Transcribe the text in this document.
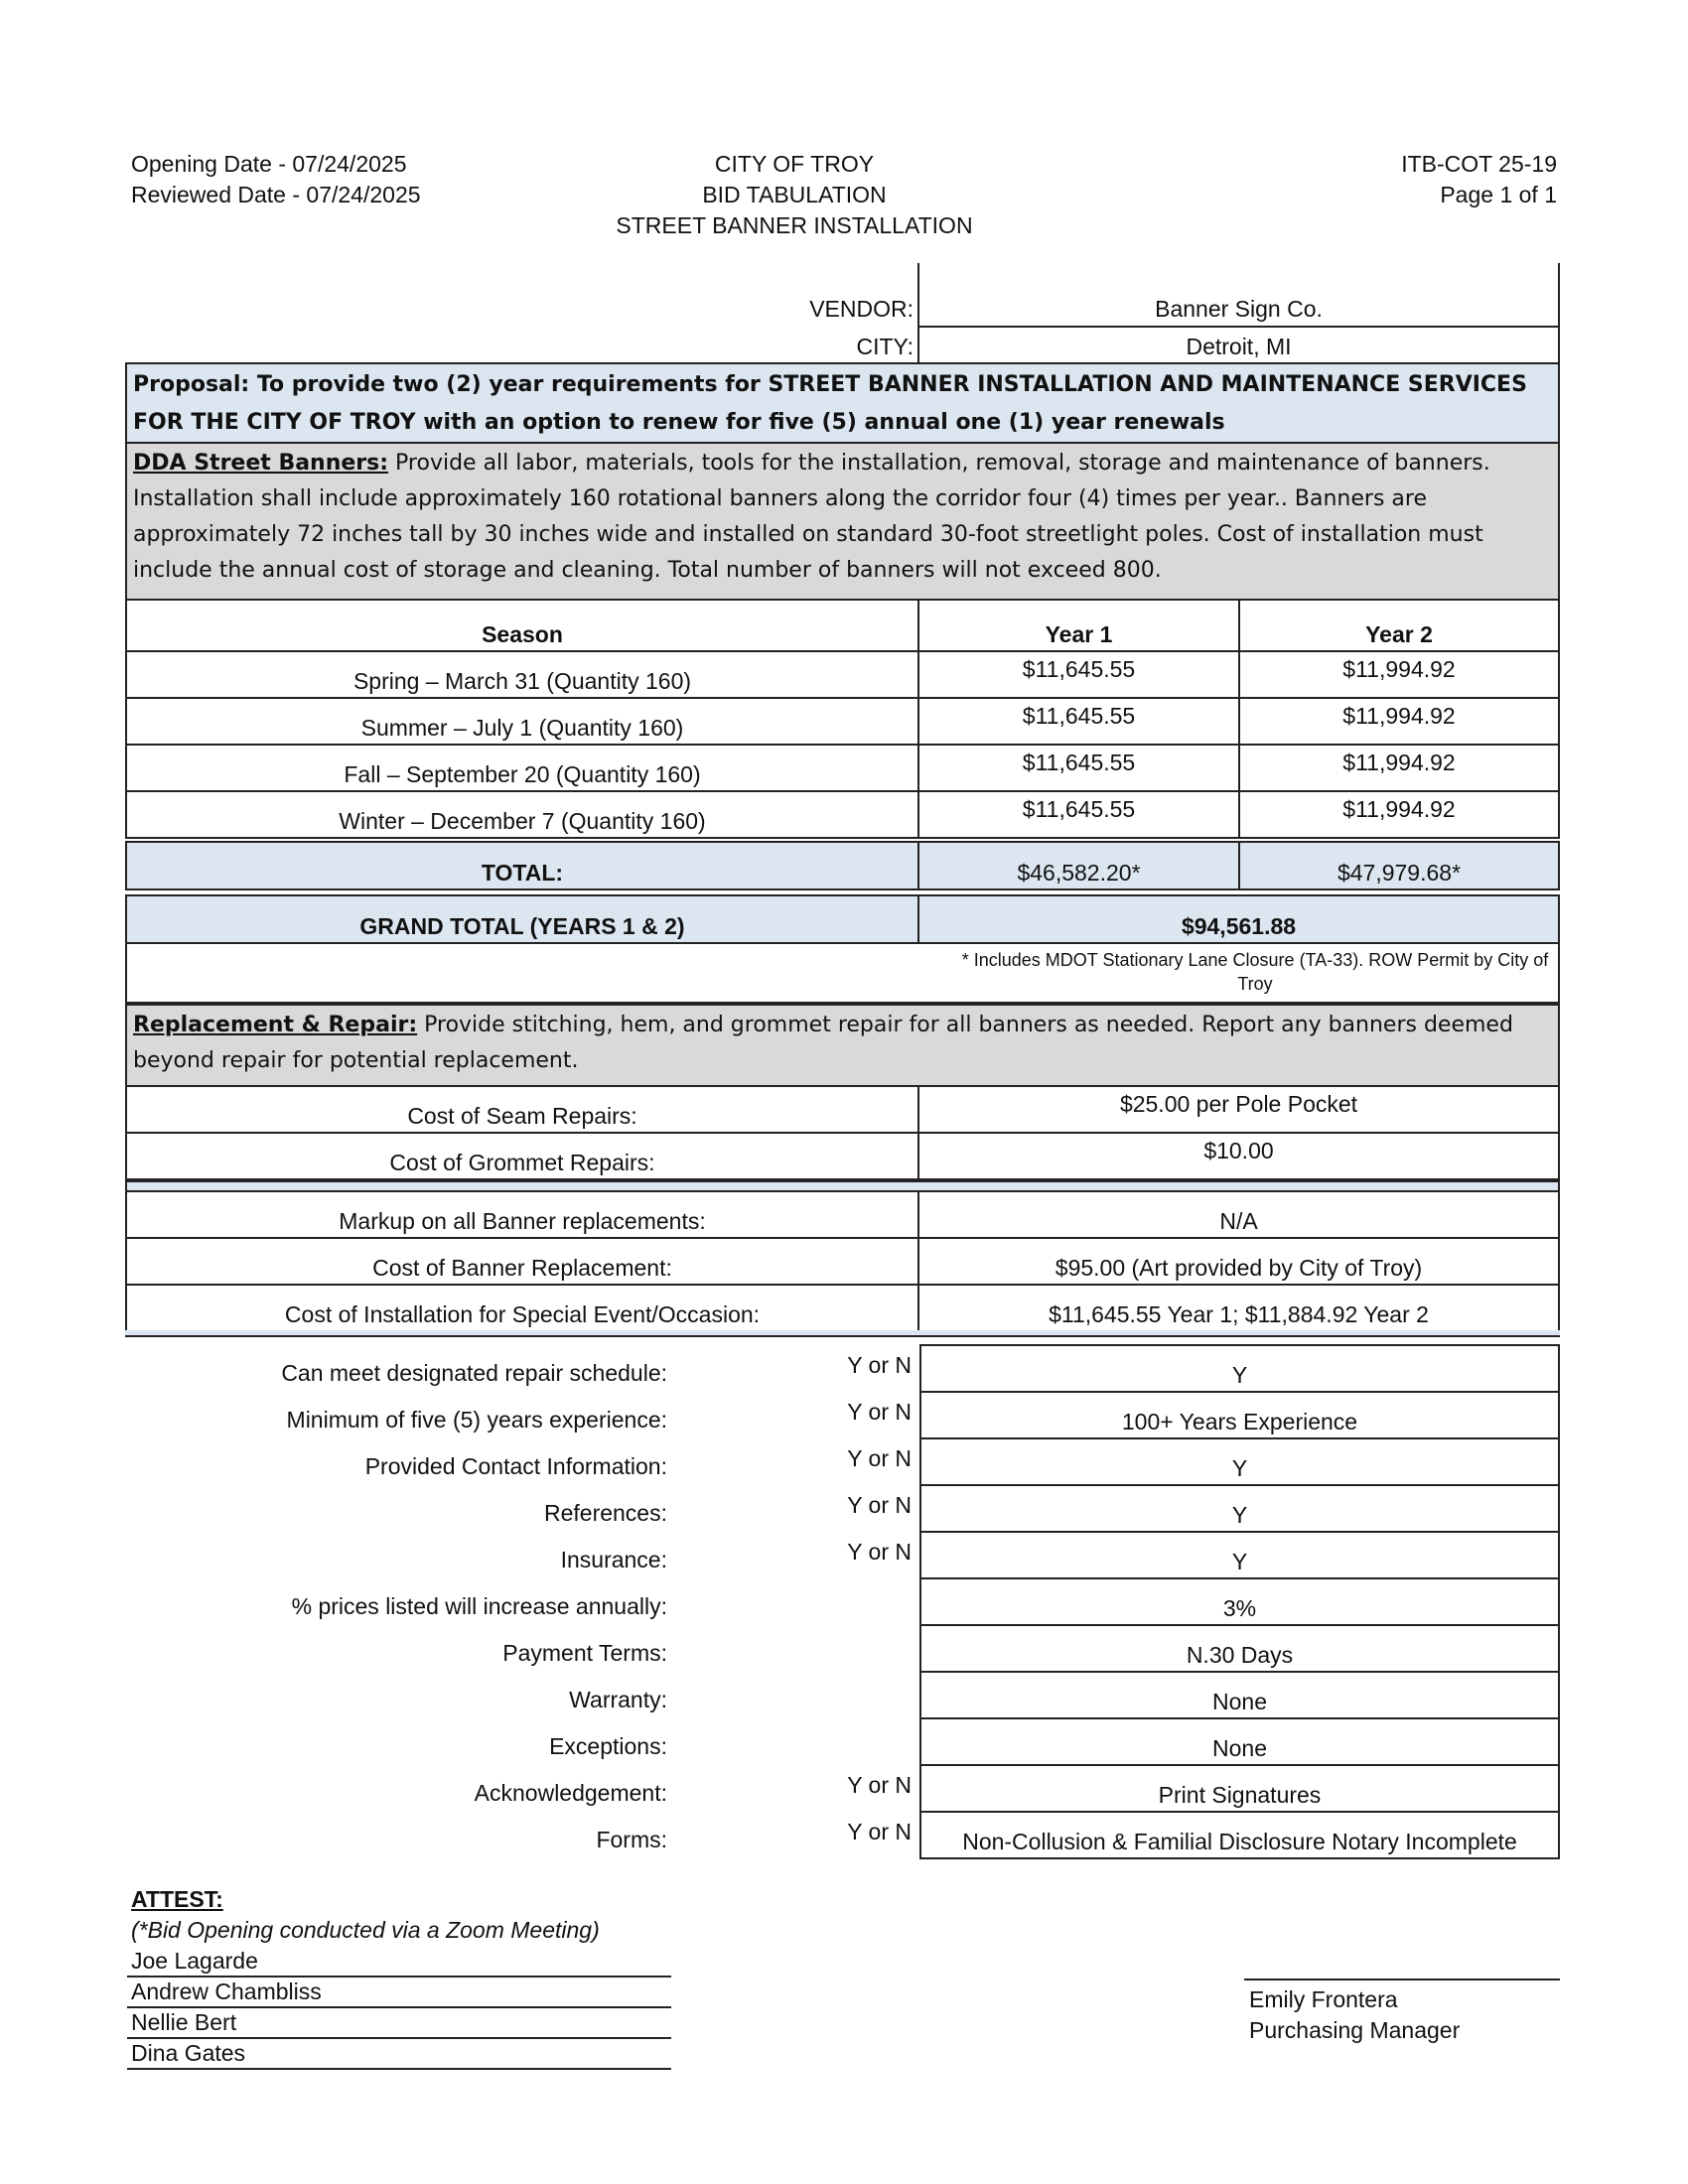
Opening Date - 07/24/2025
Reviewed Date - 07/24/2025
CITY OF TROY
BID TABULATION
STREET BANNER INSTALLATION
ITB-COT 25-19
Page 1 of 1
VENDOR:	Banner Sign Co.
CITY:	Detroit, MI
Proposal: To provide two (2) year requirements for STREET BANNER INSTALLATION AND MAINTENANCE SERVICES FOR THE CITY OF TROY with an option to renew for five (5) annual one (1) year renewals
DDA Street Banners: Provide all labor, materials, tools for the installation, removal, storage and maintenance of banners. Installation shall include approximately 160 rotational banners along the corridor four (4) times per year.. Banners are approximately 72 inches tall by 30 inches wide and installed on standard 30-foot streetlight poles. Cost of installation must include the annual cost of storage and cleaning. Total number of banners will not exceed 800.
Season	Year 1	Year 2
Spring – March 31 (Quantity 160)	$11,645.55	$11,994.92
Summer – July 1 (Quantity 160)	$11,645.55	$11,994.92
Fall – September 20 (Quantity 160)	$11,645.55	$11,994.92
Winter – December 7 (Quantity 160)	$11,645.55	$11,994.92
TOTAL:	$46,582.20*	$47,979.68*
GRAND TOTAL (YEARS 1 & 2)	$94,561.88
* Includes MDOT Stationary Lane Closure (TA-33). ROW Permit by City of Troy
Replacement & Repair: Provide stitching, hem, and grommet repair for all banners as needed. Report any banners deemed beyond repair for potential replacement.
Cost of Seam Repairs:	$25.00 per Pole Pocket
Cost of Grommet Repairs:	$10.00
Markup on all Banner replacements:	N/A
Cost of Banner Replacement:	$95.00 (Art provided by City of Troy)
Cost of Installation for Special Event/Occasion:	$11,645.55 Year 1; $11,884.92 Year 2
Can meet designated repair schedule:	Y or N	Y
Minimum of five (5) years experience:	Y or N	100+ Years Experience
Provided Contact Information:	Y or N	Y
References:	Y or N	Y
Insurance:	Y or N	Y
% prices listed will increase annually:	3%
Payment Terms:	N.30 Days
Warranty:	None
Exceptions:	None
Acknowledgement:	Y or N	Print Signatures
Forms:	Y or N	Non-Collusion & Familial Disclosure Notary Incomplete
ATTEST:
(*Bid Opening conducted via a Zoom Meeting)
Joe Lagarde
Andrew Chambliss
Nellie Bert
Dina Gates
Emily Frontera
Purchasing Manager
